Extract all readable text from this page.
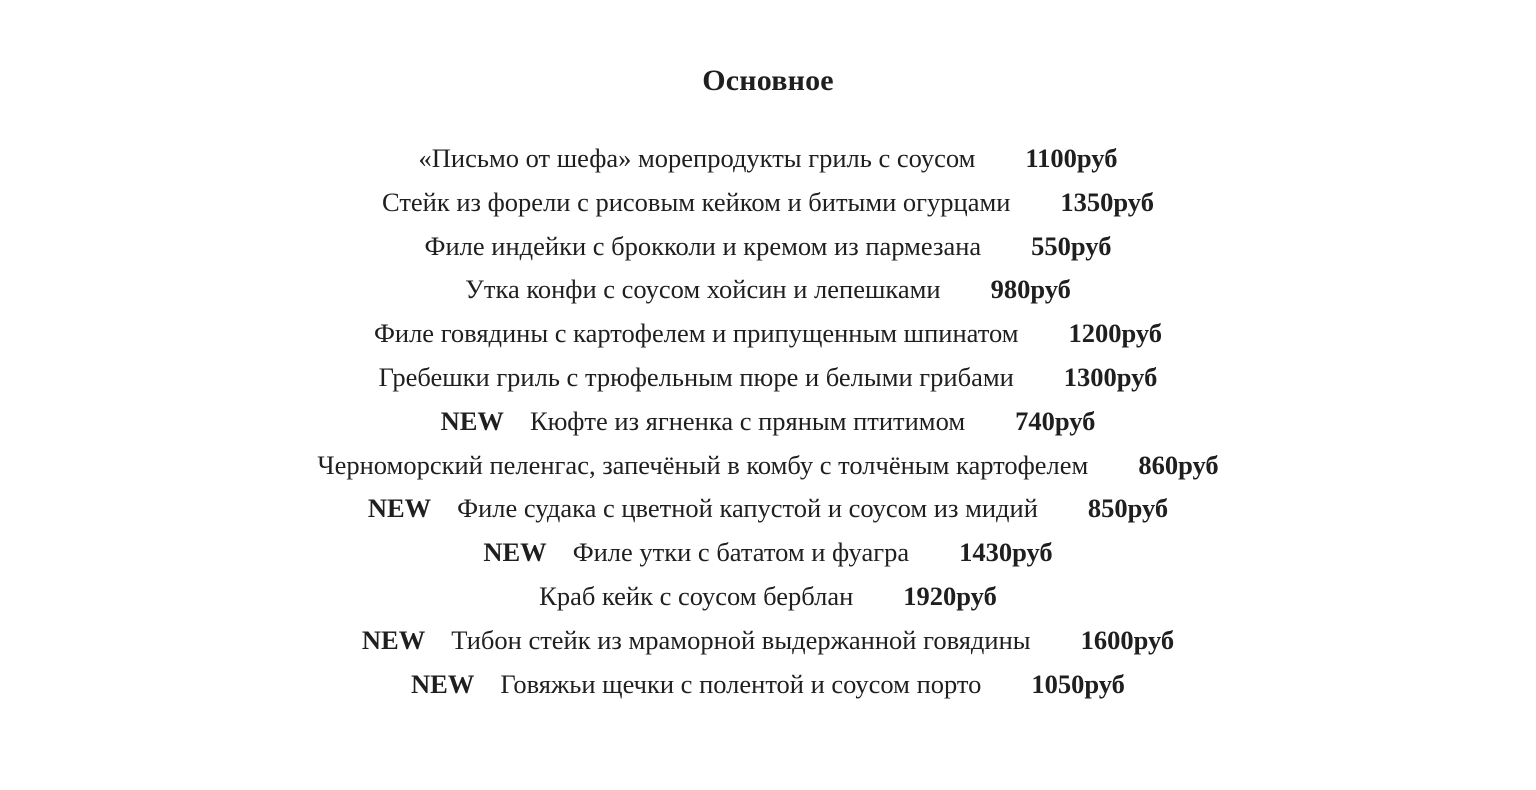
Основное
«Письмо от шефа» морепродукты гриль с соусом 1100руб
Стейк из форели с рисовым кейком и битыми огурцами 1350руб
Филе индейки с брокколи и кремом из пармезана 550руб
Утка конфи с соусом хойсин и лепешками 980руб
Филе говядины с картофелем и припущенным шпинатом 1200руб
Гребешки гриль с трюфельным пюре и белыми грибами 1300руб
NEW Кюфте из ягненка с пряным птитимом 740руб
Черноморский пеленгас, запечёный в комбу с толчёным картофелем 860руб
NEW Филе судака с цветной капустой и соусом из мидий 850руб
NEW Филе утки с бататом и фуагра 1430руб
Краб кейк с соусом берблан 1920руб
NEW Тибон стейк из мраморной выдержанной говядины 1600руб
NEW Говяжьи щечки с полентой и соусом порто 1050руб
